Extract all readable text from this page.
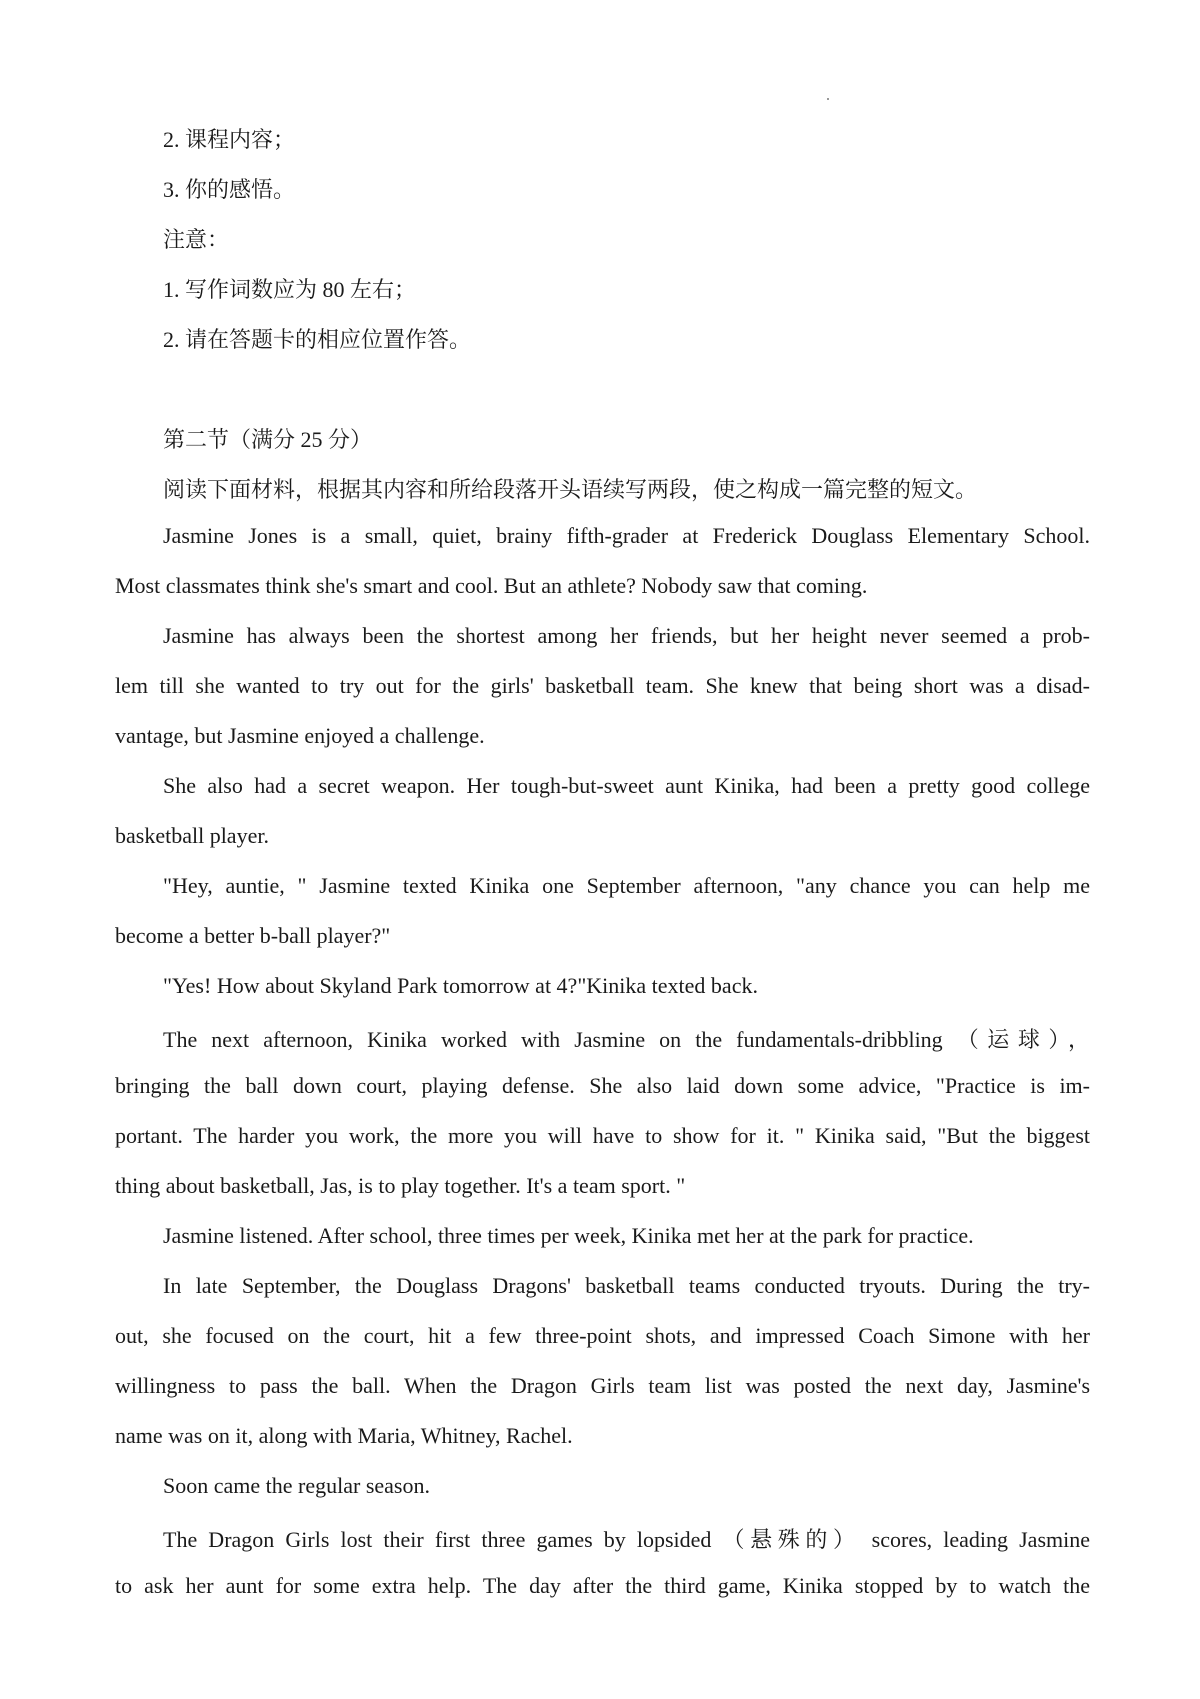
2. 课程内容；
3. 你的感悟。
注意：
1. 写作词数应为 80 左右；
2. 请在答题卡的相应位置作答。
第二节（满分 25 分）
阅读下面材料，根据其内容和所给段落开头语续写两段，使之构成一篇完整的短文。
Jasmine Jones is a small, quiet, brainy fifth-grader at Frederick Douglass Elementary School.
Most classmates think she's smart and cool. But an athlete? Nobody saw that coming.
Jasmine has always been the shortest among her friends, but her height never seemed a prob-
lem till she wanted to try out for the girls' basketball team. She knew that being short was a disad-
vantage, but Jasmine enjoyed a challenge.
She also had a secret weapon. Her tough-but-sweet aunt Kinika, had been a pretty good college
basketball player.
"Hey, auntie, " Jasmine texted Kinika one September afternoon, "any chance you can help me
become a better b-ball player?"
"Yes! How about Skyland Park tomorrow at 4?"Kinika texted back.
The next afternoon, Kinika worked with Jasmine on the fundamentals-dribbling （运球），
bringing the ball down court, playing defense. She also laid down some advice, "Practice is im-
portant. The harder you work, the more you will have to show for it. " Kinika said, "But the biggest
thing about basketball, Jas, is to play together. It's a team sport. "
Jasmine listened. After school, three times per week, Kinika met her at the park for practice.
In late September, the Douglass Dragons' basketball teams conducted tryouts. During the try-
out, she focused on the court, hit a few three-point shots, and impressed Coach Simone with her
willingness to pass the ball. When the Dragon Girls team list was posted the next day, Jasmine's
name was on it, along with Maria, Whitney, Rachel.
Soon came the regular season.
The Dragon Girls lost their first three games by lopsided （悬殊的） scores, leading Jasmine
to ask her aunt for some extra help. The day after the third game, Kinika stopped by to watch the
